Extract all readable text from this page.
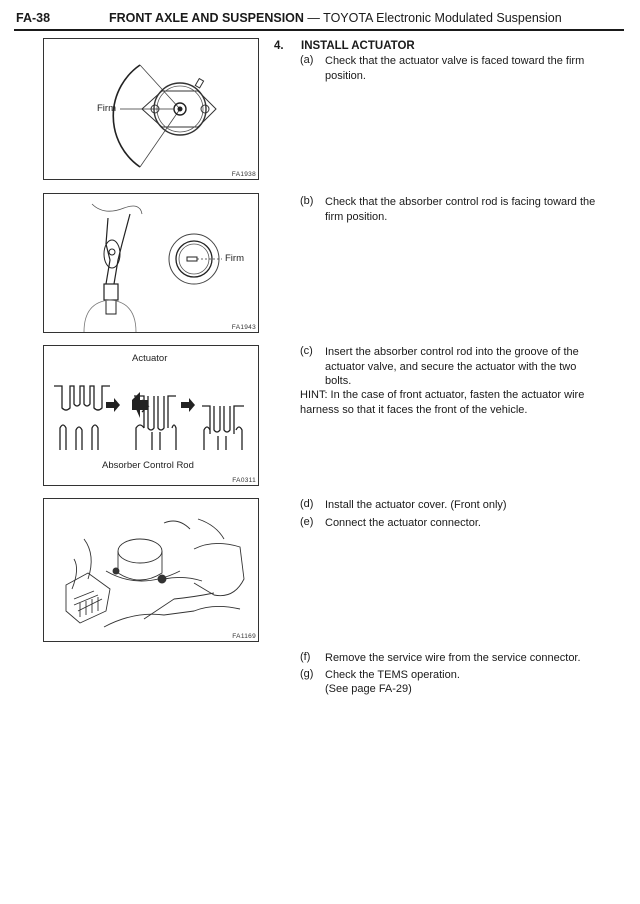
FA-38	FRONT AXLE AND SUSPENSION — TOYOTA Electronic Modulated Suspension
Firm
FA1938
Firm
FA1943
Actuator
Absorber Control Rod
FA0311
FA1169
4. INSTALL ACTUATOR
(a) Check that the actuator valve is faced toward the firm position.
(b) Check that the absorber control rod is facing toward the firm position.
(c) Insert the absorber control rod into the groove of the actuator valve, and secure the actuator with the two bolts.
HINT: In the case of front actuator, fasten the actuator wire harness so that it faces the front of the vehicle.
(d) Install the actuator cover. (Front only)
(e) Connect the actuator connector.
(f) Remove the service wire from the service connector.
(g) Check the TEMS operation.
(See page FA-29)
